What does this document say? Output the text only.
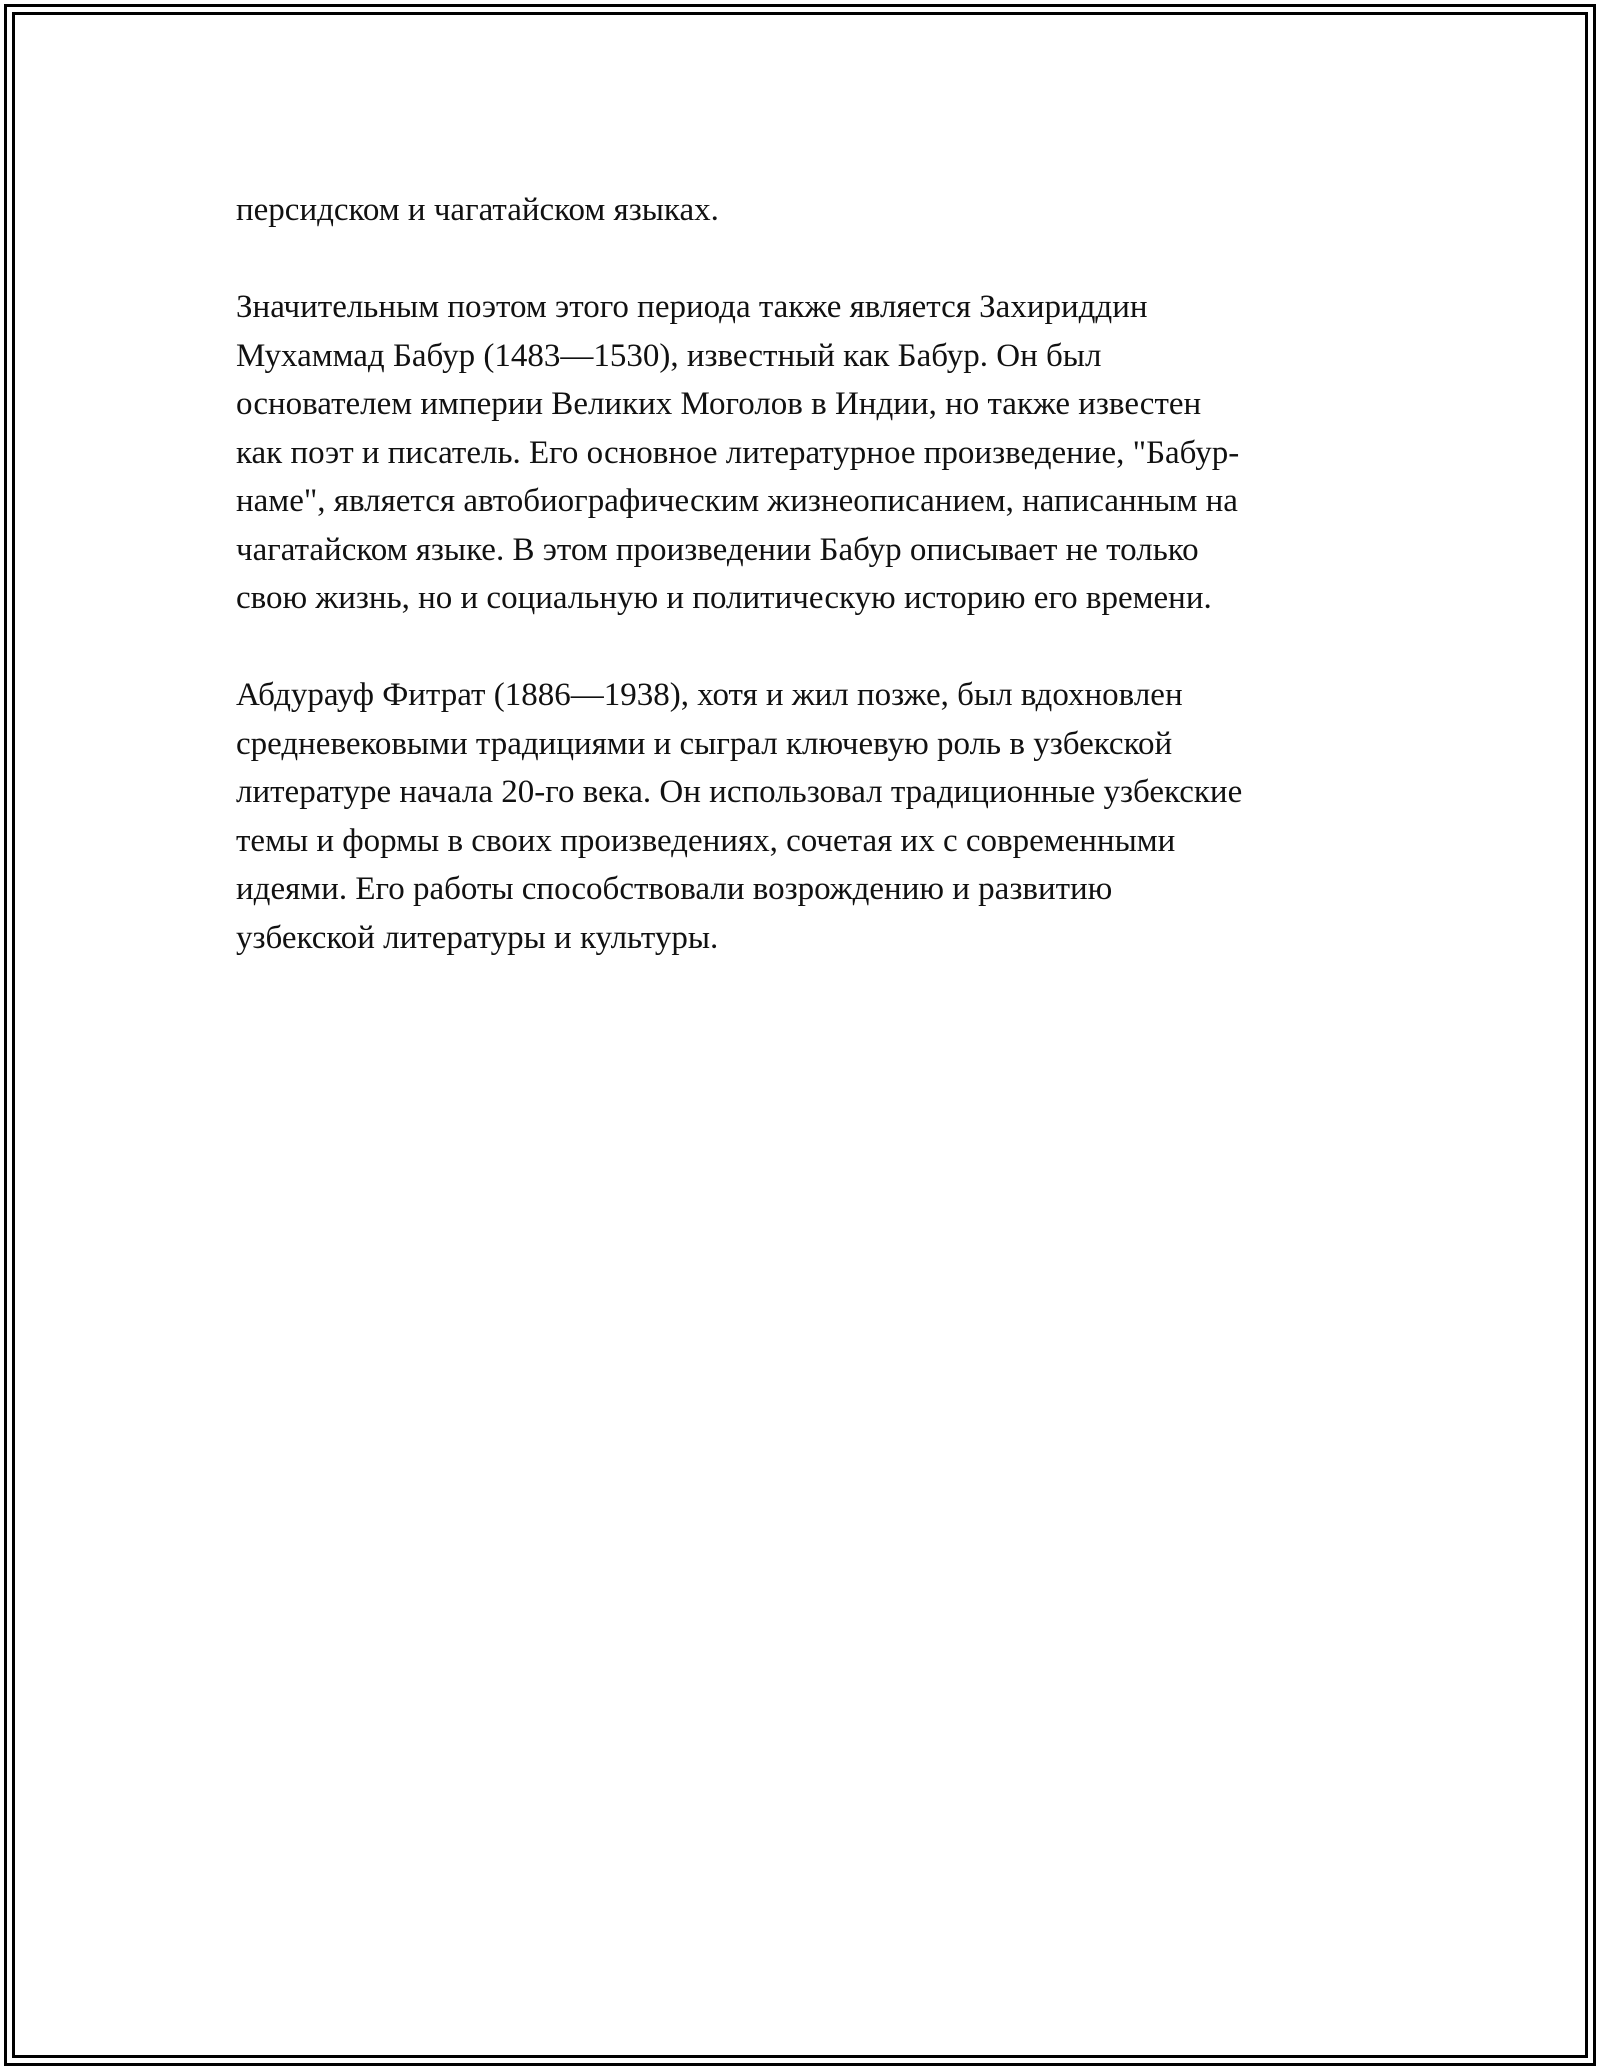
персидском и чагатайском языках.
Значительным поэтом этого периода также является Захириддин
Мухаммад Бабур (1483—1530), известный как Бабур. Он был
основателем империи Великих Моголов в Индии, но также известен
как поэт и писатель. Его основное литературное произведение, "Бабур-
наме", является автобиографическим жизнеописанием, написанным на
чагатайском языке. В этом произведении Бабур описывает не только
свою жизнь, но и социальную и политическую историю его времени.
Абдурауф Фитрат (1886—1938), хотя и жил позже, был вдохновлен
средневековыми традициями и сыграл ключевую роль в узбекской
литературе начала 20-го века. Он использовал традиционные узбекские
темы и формы в своих произведениях, сочетая их с современными
идеями. Его работы способствовали возрождению и развитию
узбекской литературы и культуры.
